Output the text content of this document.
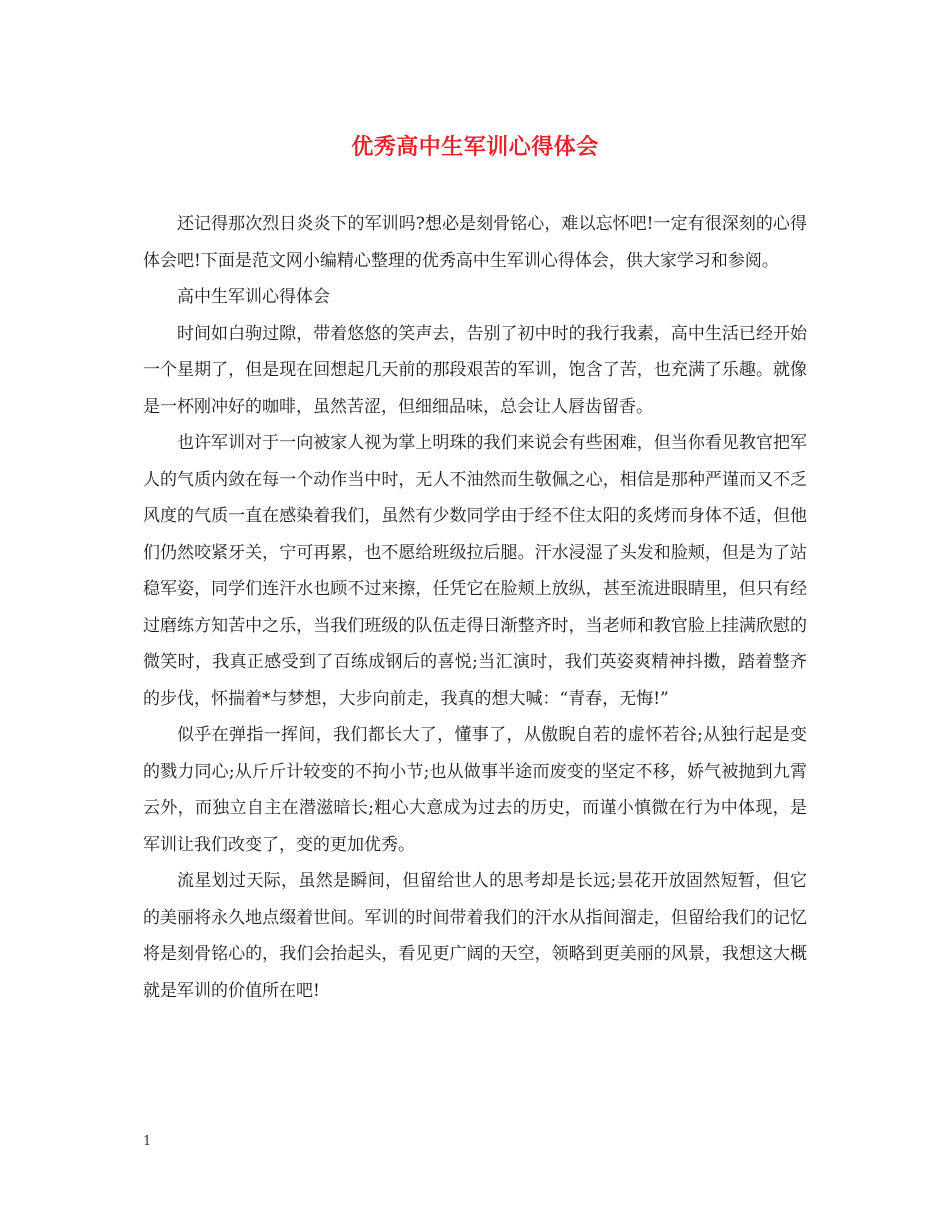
优秀高中生军训心得体会

还记得那次烈日炎炎下的军训吗?想必是刻骨铭心，难以忘怀吧!一定有很深刻的心得体会吧!下面是范文网小编精心整理的优秀高中生军训心得体会，供大家学习和参阅。

高中生军训心得体会

时间如白驹过隙，带着悠悠的笑声去，告别了初中时的我行我素，高中生活已经开始一个星期了，但是现在回想起几天前的那段艰苦的军训，饱含了苦，也充满了乐趣。就像是一杯刚冲好的咖啡，虽然苦涩，但细细品味，总会让人唇齿留香。

也许军训对于一向被家人视为掌上明珠的我们来说会有些困难，但当你看见教官把军人的气质内敛在每一个动作当中时，无人不油然而生敬佩之心，相信是那种严谨而又不乏风度的气质一直在感染着我们，虽然有少数同学由于经不住太阳的炙烤而身体不适，但他们仍然咬紧牙关，宁可再累，也不愿给班级拉后腿。汗水浸湿了头发和脸颊，但是为了站稳军姿，同学们连汗水也顾不过来擦，任凭它在脸颊上放纵，甚至流进眼睛里，但只有经过磨练方知苦中之乐，当我们班级的队伍走得日渐整齐时，当老师和教官脸上挂满欣慰的微笑时，我真正感受到了百练成钢后的喜悦;当汇演时，我们英姿爽精神抖擞，踏着整齐的步伐，怀揣着*与梦想，大步向前走，我真的想大喊：“青春，无悔!”

似乎在弹指一挥间，我们都长大了，懂事了，从傲睨自若的虚怀若谷;从独行起是变的戮力同心;从斤斤计较变的不拘小节;也从做事半途而废变的坚定不移，娇气被抛到九霄云外，而独立自主在潜滋暗长;粗心大意成为过去的历史，而谨小慎微在行为中体现，是军训让我们改变了，变的更加优秀。

流星划过天际，虽然是瞬间，但留给世人的思考却是长远;昙花开放固然短暂，但它的美丽将永久地点缀着世间。军训的时间带着我们的汗水从指间溜走，但留给我们的记忆将是刻骨铭心的，我们会抬起头，看见更广阔的天空，领略到更美丽的风景，我想这大概就是军训的价值所在吧!

1
